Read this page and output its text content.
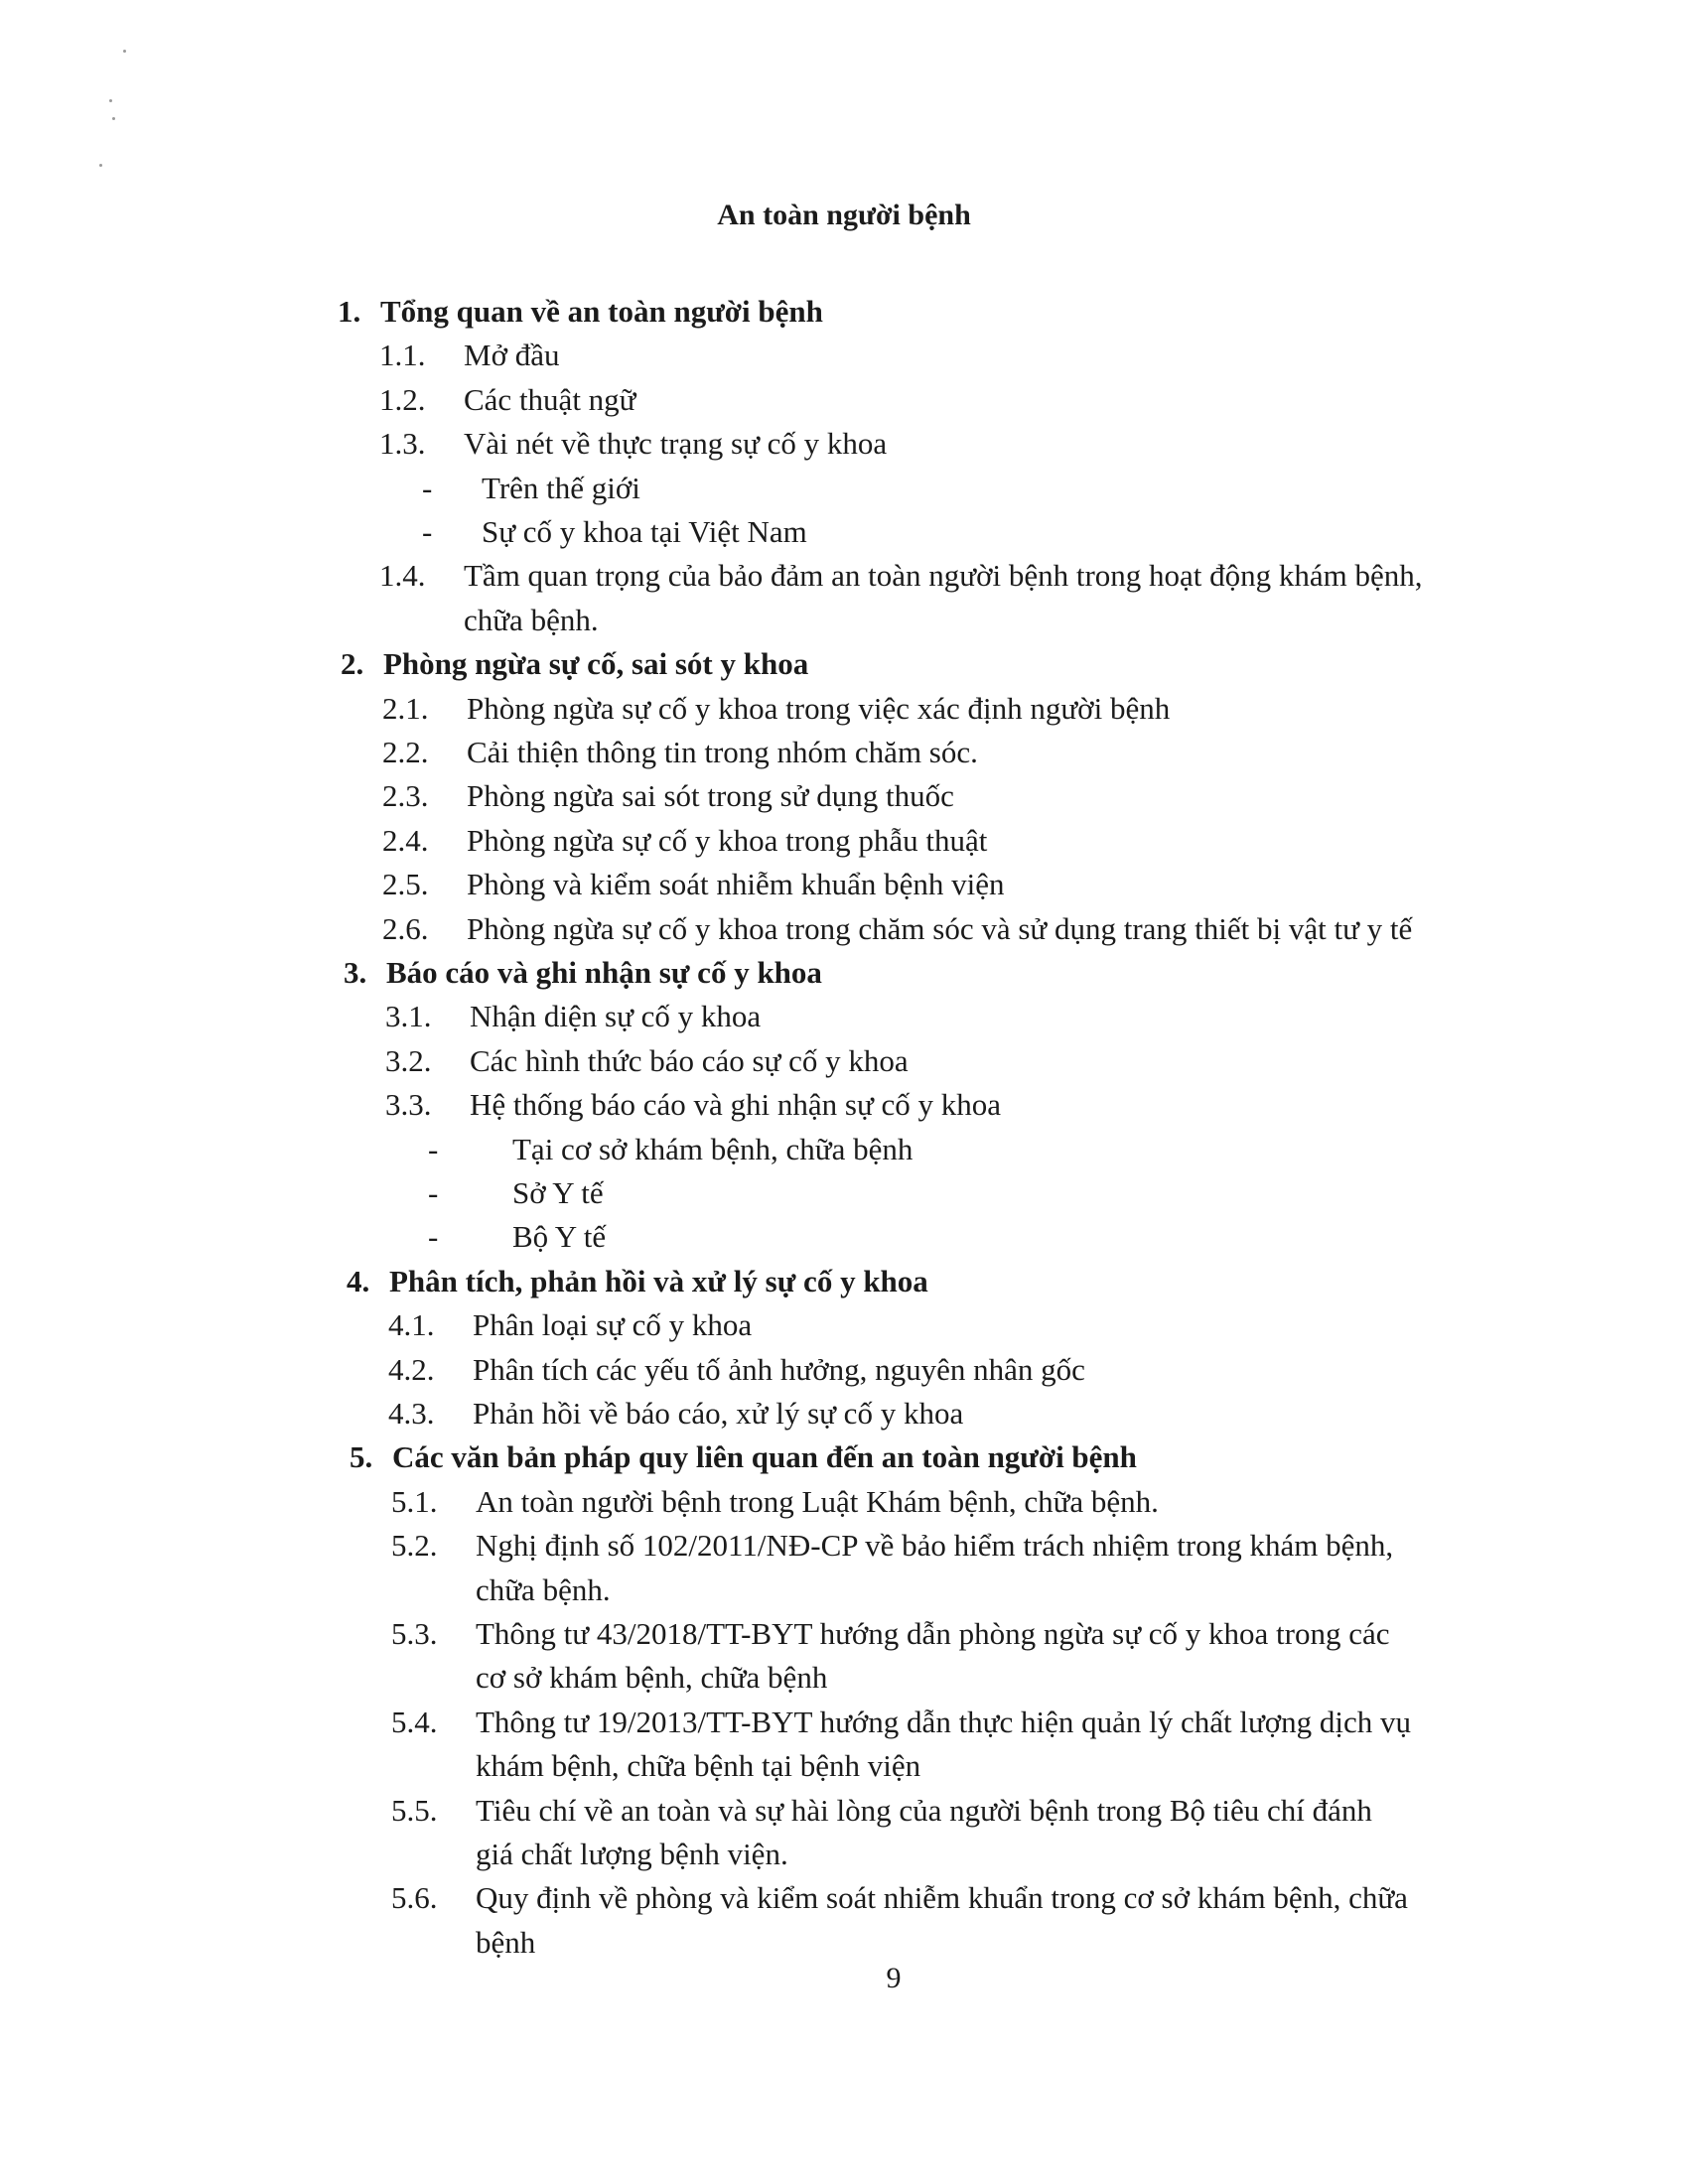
An toàn người bệnh
1. Tổng quan về an toàn người bệnh
1.1. Mở đầu
1.2. Các thuật ngữ
1.3. Vài nét về thực trạng sự cố y khoa
- Trên thế giới
- Sự cố y khoa tại Việt Nam
1.4. Tầm quan trọng của bảo đảm an toàn người bệnh trong hoạt động khám bệnh,
chữa bệnh.
2. Phòng ngừa sự cố, sai sót y khoa
2.1. Phòng ngừa sự cố y khoa trong việc xác định người bệnh
2.2. Cải thiện thông tin trong nhóm chăm sóc.
2.3. Phòng ngừa sai sót trong sử dụng thuốc
2.4. Phòng ngừa sự cố y khoa trong phẫu thuật
2.5. Phòng và kiểm soát nhiễm khuẩn bệnh viện
2.6. Phòng ngừa sự cố y khoa trong chăm sóc và sử dụng trang thiết bị vật tư y tế
3. Báo cáo và ghi nhận sự cố y khoa
3.1. Nhận diện sự cố y khoa
3.2. Các hình thức báo cáo sự cố y khoa
3.3. Hệ thống báo cáo và ghi nhận sự cố y khoa
- Tại cơ sở khám bệnh, chữa bệnh
- Sở Y tế
- Bộ Y tế
4. Phân tích, phản hồi và xử lý sự cố y khoa
4.1. Phân loại sự cố y khoa
4.2. Phân tích các yếu tố ảnh hưởng, nguyên nhân gốc
4.3. Phản hồi về báo cáo, xử lý sự cố y khoa
5. Các văn bản pháp quy liên quan đến an toàn người bệnh
5.1. An toàn người bệnh trong Luật Khám bệnh, chữa bệnh.
5.2. Nghị định số 102/2011/NĐ-CP về bảo hiểm trách nhiệm trong khám bệnh,
chữa bệnh.
5.3. Thông tư 43/2018/TT-BYT hướng dẫn phòng ngừa sự cố y khoa trong các
cơ sở khám bệnh, chữa bệnh
5.4. Thông tư 19/2013/TT-BYT hướng dẫn thực hiện quản lý chất lượng dịch vụ
khám bệnh, chữa bệnh tại bệnh viện
5.5. Tiêu chí về an toàn và sự hài lòng của người bệnh trong Bộ tiêu chí đánh
giá chất lượng bệnh viện.
5.6. Quy định về phòng và kiểm soát nhiễm khuẩn trong cơ sở khám bệnh, chữa
bệnh
9
